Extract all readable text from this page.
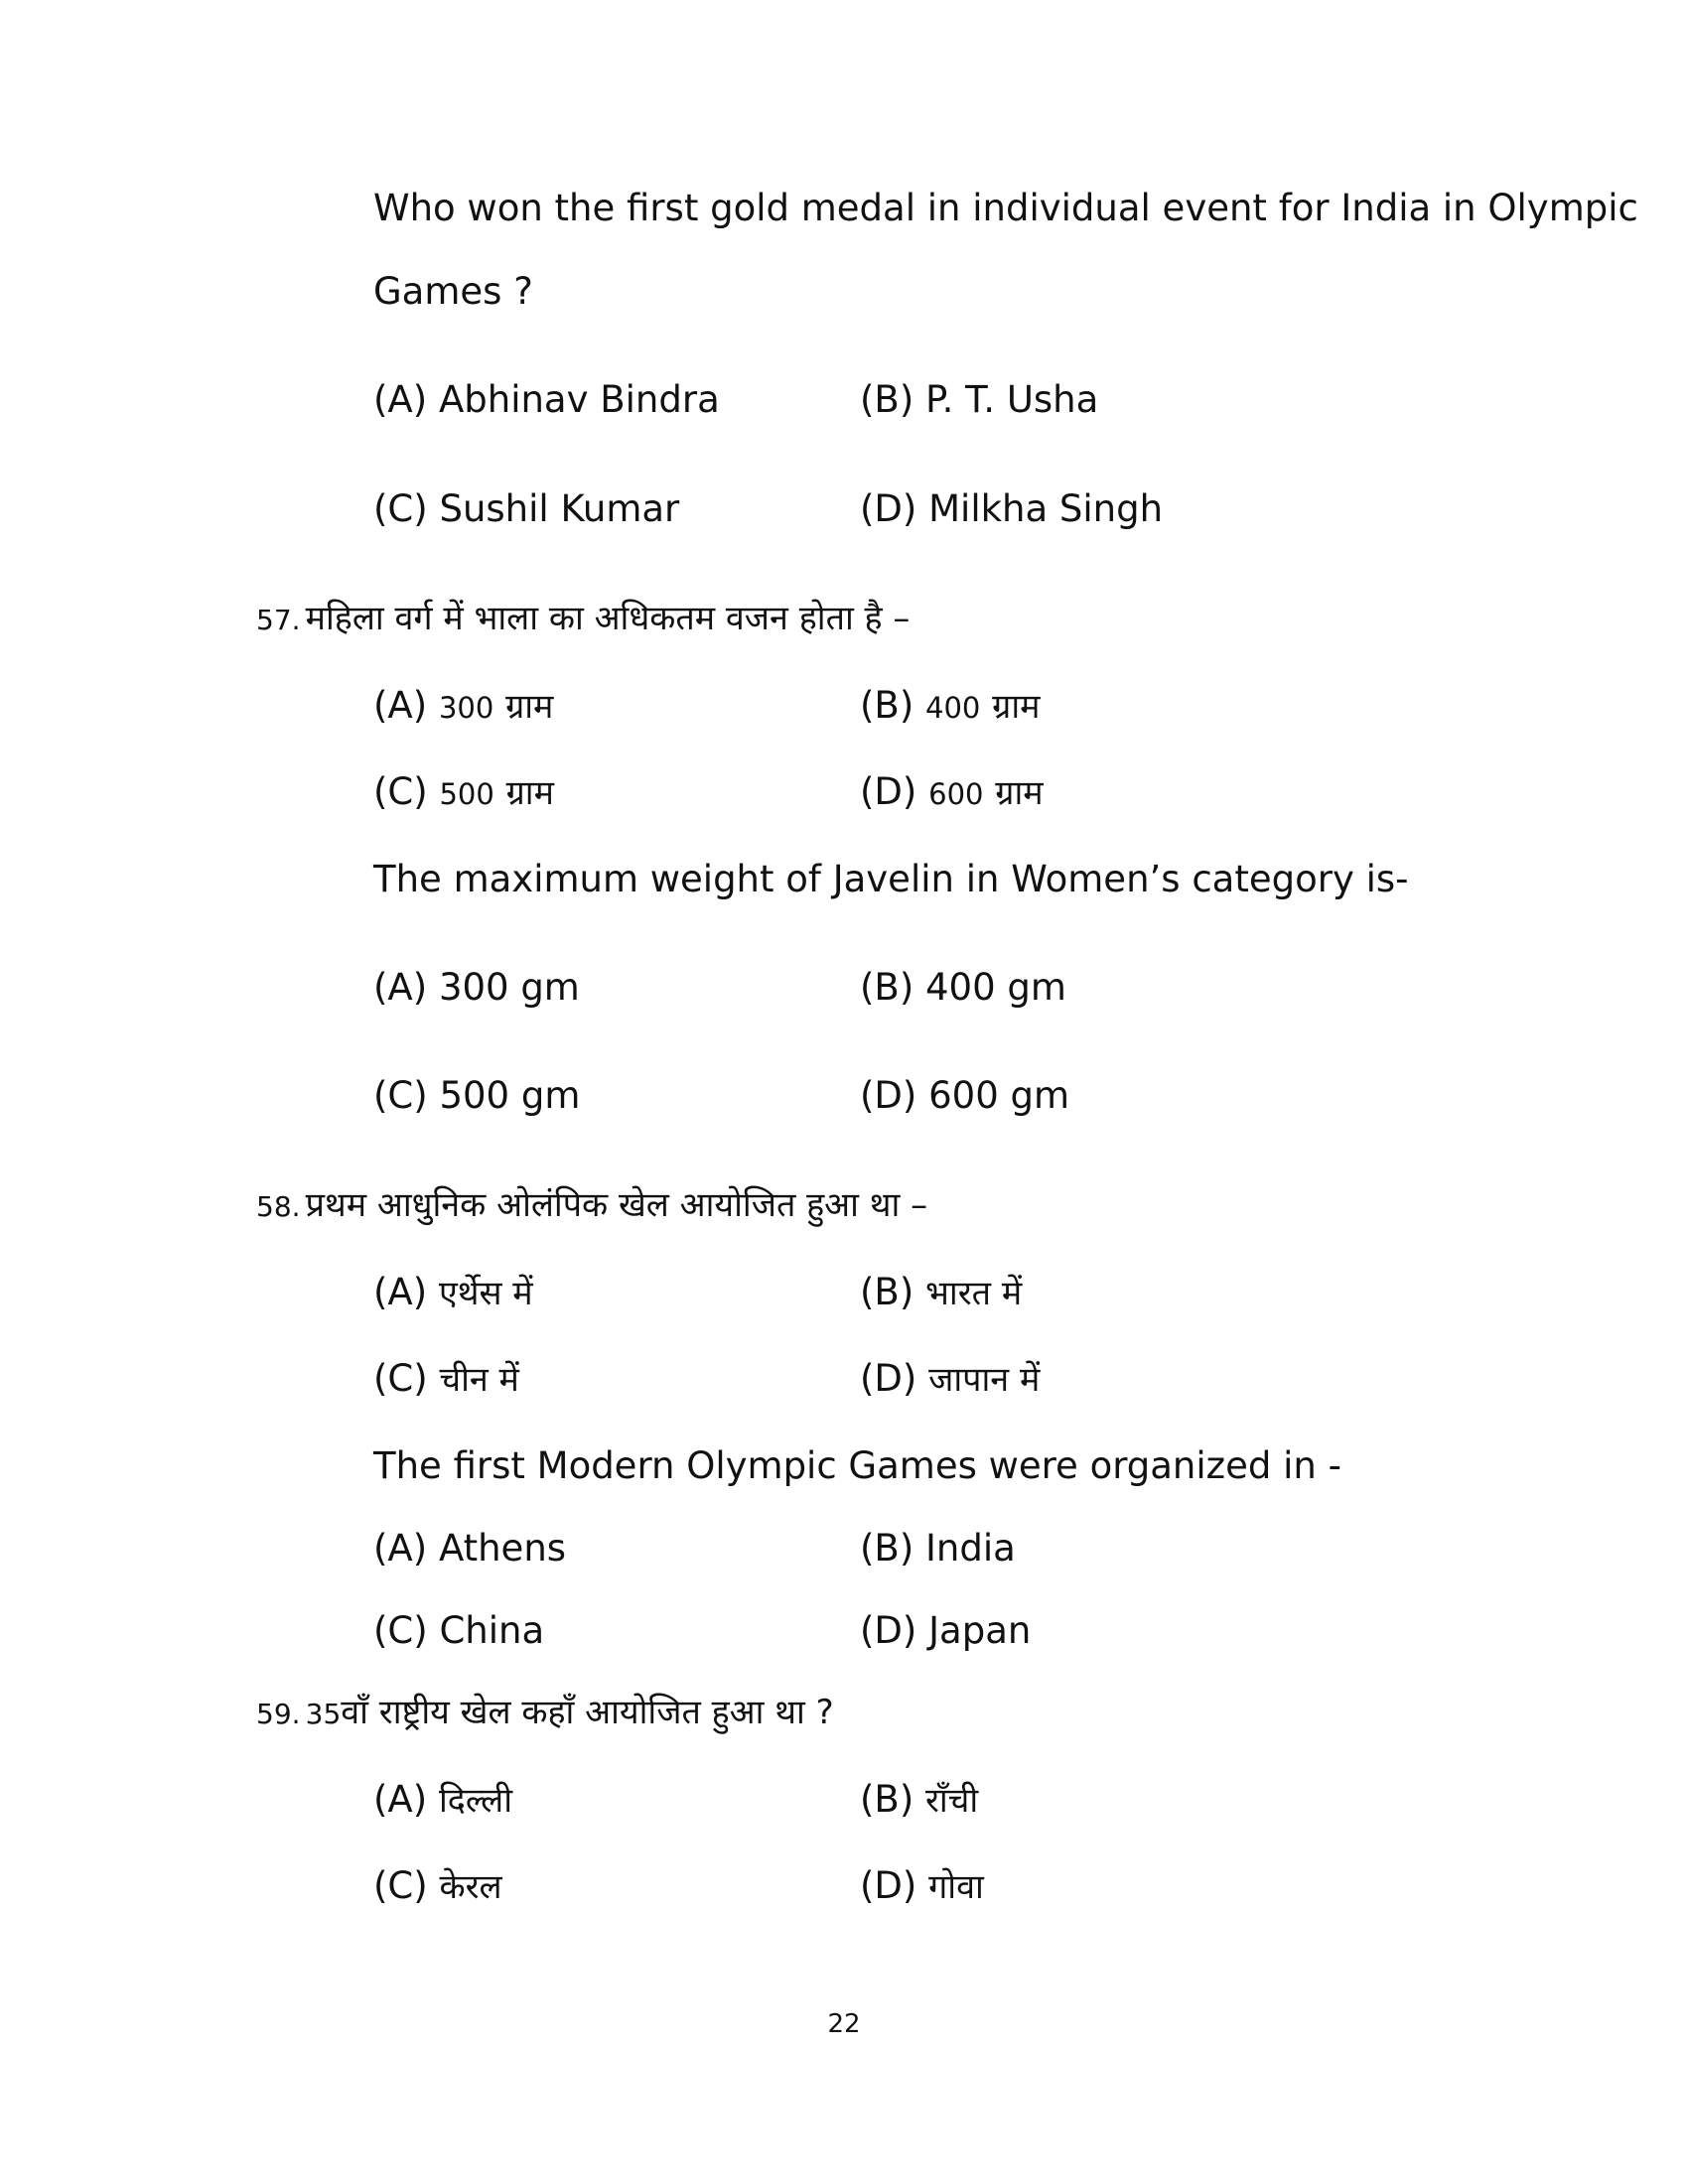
Who won the first gold medal in individual event for India in Olympic
Games ?
(A) Abhinav Bindra	(B) P. T. Usha
(C) Sushil Kumar	(D) Milkha Singh
57. महिला वर्ग में भाला का अधिकतम वजन होता है –
(A) 300 ग्राम	(B) 400 ग्राम
(C) 500 ग्राम	(D) 600 ग्राम
The maximum weight of Javelin in Women’s category is-
(A) 300 gm	(B) 400 gm
(C) 500 gm	(D) 600 gm
58. प्रथम आधुनिक ओलंपिक खेल आयोजित हुआ था –
(A) एर्थेस में	(B) भारत में
(C) चीन में	(D) जापान में
The first Modern Olympic Games were organized in -
(A) Athens	(B) India
(C) China	(D) Japan
59. 35वाँ राष्ट्रीय खेल कहाँ आयोजित हुआ था ?
(A) दिल्ली	(B) राँची
(C) केरल	(D) गोवा
22
